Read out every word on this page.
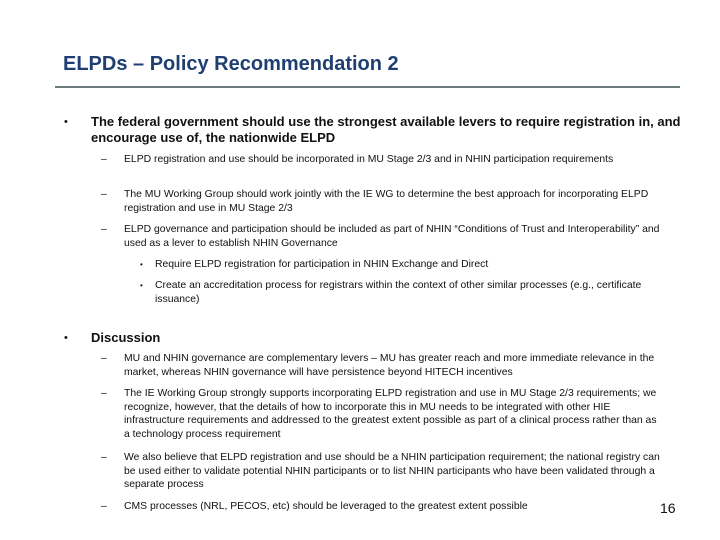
ELPDs – Policy Recommendation 2
• The federal government should use the strongest available levers to require registration in, and encourage use of, the nationwide ELPD
– ELPD registration and use should be incorporated in MU Stage 2/3 and in NHIN participation requirements
– The MU Working Group should work jointly with the IE WG to determine the best approach for incorporating ELPD registration and use in MU Stage 2/3
– ELPD governance and participation should be included as part of NHIN “Conditions of Trust and Interoperability” and used as a lever to establish NHIN Governance
• Require ELPD registration for participation in NHIN Exchange and Direct
• Create an accreditation process for registrars within the context of other similar processes (e.g., certificate issuance)
• Discussion
– MU and NHIN governance are complementary levers – MU has greater reach and more immediate relevance in the market, whereas NHIN governance will have persistence beyond HITECH incentives
– The IE Working Group strongly supports incorporating ELPD registration and use in MU Stage 2/3 requirements; we recognize, however, that the details of how to incorporate this in MU needs to be integrated with other HIE infrastructure requirements and addressed to the greatest extent possible as part of a clinical process rather than as a technology process requirement
– We also believe that ELPD registration and use should be a NHIN participation requirement; the national registry can be used either to validate potential NHIN participants or to list NHIN participants who have been validated through a separate process
– CMS processes (NRL, PECOS, etc) should be leveraged to the greatest extent possible	16
